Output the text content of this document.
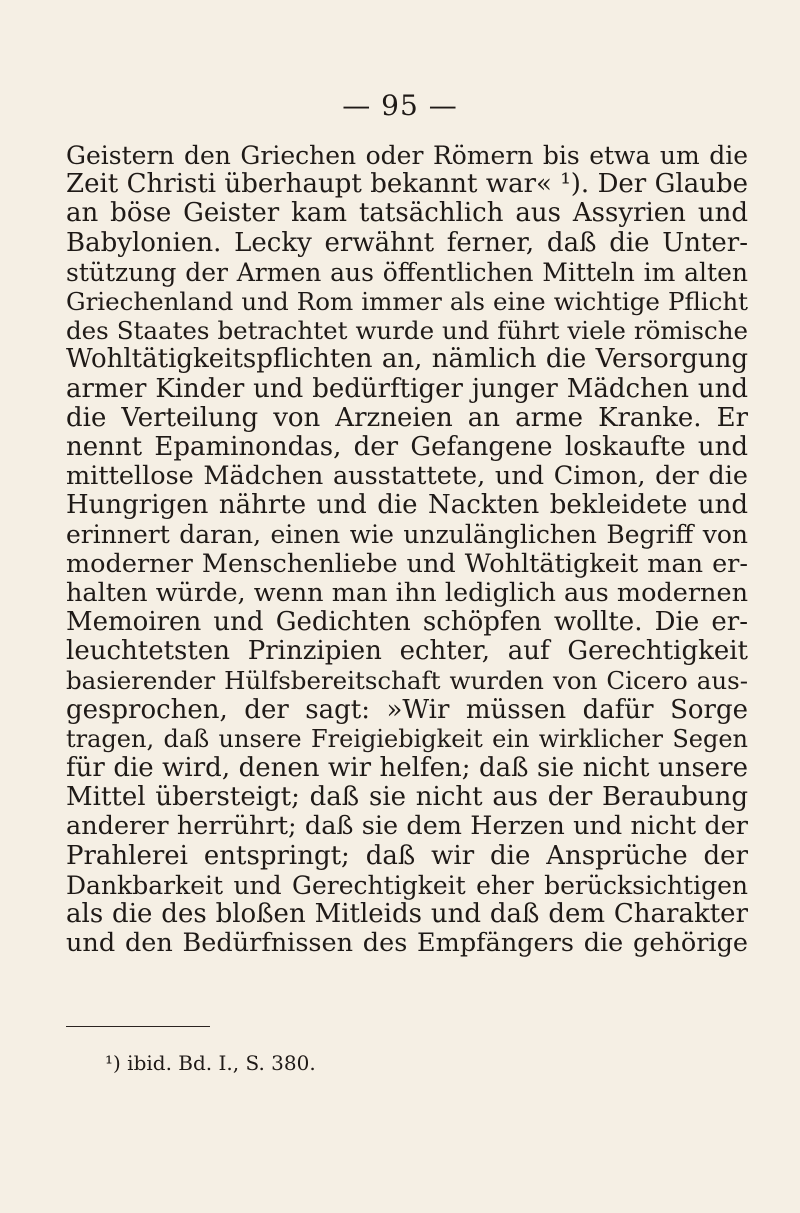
— 95 —
Geistern den Griechen oder Römern bis etwa um die
Zeit Christi überhaupt bekannt war« ¹). Der Glaube
an böse Geister kam tatsächlich aus Assyrien und
Babylonien. Lecky erwähnt ferner, daß die Unter-
stützung der Armen aus öffentlichen Mitteln im alten
Griechenland und Rom immer als eine wichtige Pflicht
des Staates betrachtet wurde und führt viele römische
Wohltätigkeitspflichten an, nämlich die Versorgung
armer Kinder und bedürftiger junger Mädchen und
die Verteilung von Arzneien an arme Kranke. Er
nennt Epaminondas, der Gefangene loskaufte und
mittellose Mädchen ausstattete, und Cimon, der die
Hungrigen nährte und die Nackten bekleidete und
erinnert daran, einen wie unzulänglichen Begriff von
moderner Menschenliebe und Wohltätigkeit man er-
halten würde, wenn man ihn lediglich aus modernen
Memoiren und Gedichten schöpfen wollte. Die er-
leuchtetsten Prinzipien echter, auf Gerechtigkeit
basierender Hülfsbereitschaft wurden von Cicero aus-
gesprochen, der sagt: »Wir müssen dafür Sorge
tragen, daß unsere Freigiebigkeit ein wirklicher Segen
für die wird, denen wir helfen; daß sie nicht unsere
Mittel übersteigt; daß sie nicht aus der Beraubung
anderer herrührt; daß sie dem Herzen und nicht der
Prahlerei entspringt; daß wir die Ansprüche der
Dankbarkeit und Gerechtigkeit eher berücksichtigen
als die des bloßen Mitleids und daß dem Charakter
und den Bedürfnissen des Empfängers die gehörige
¹) ibid. Bd. I., S. 380.
